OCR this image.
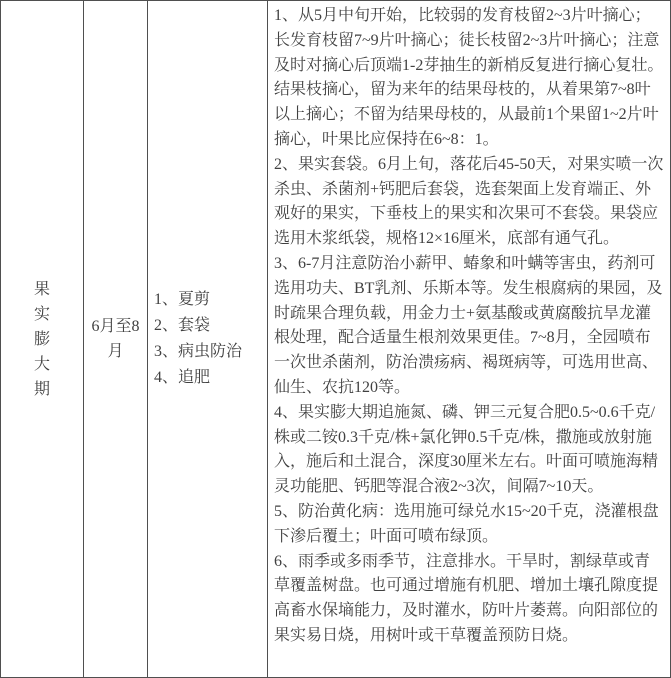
果实膨大期
6月至8月
1、夏剪
2、套袋
3、病虫防治
4、追肥
1、从5月中旬开始，比较弱的发育枝留2~3片叶摘心；长发育枝留7~9片叶摘心；徒长枝留2~3片叶摘心；注意及时对摘心后顶端1-2芽抽生的新梢反复进行摘心复壮。结果枝摘心，留为来年的结果母枝的，从着果第7~8叶以上摘心；不留为结果母枝的，从最前1个果留1~2片叶摘心，叶果比应保持在6~8：1。
2、果实套袋。6月上旬，落花后45-50天，对果实喷一次杀虫、杀菌剂+钙肥后套袋，选套架面上发育端正、外观好的果实，下垂枝上的果实和次果可不套袋。果袋应选用木浆纸袋，规格12×16厘米，底部有通气孔。
3、6-7月注意防治小薪甲、蝽象和叶螨等害虫，药剂可选用功夫、BT乳剂、乐斯本等。发生根腐病的果园，及时疏果合理负载，用金力士+氨基酸或黄腐酸抗旱龙灌根处理，配合适量生根剂效果更佳。7~8月，全园喷布一次世杀菌剂，防治溃疡病、褐斑病等，可选用世高、仙生、农抗120等。
4、果实膨大期追施氮、磷、钾三元复合肥0.5~0.6千克/株或二铵0.3千克/株+氯化钾0.5千克/株，撒施或放射施入，施后和土混合，深度30厘米左右。叶面可喷施海精灵功能肥、钙肥等混合液2~3次，间隔7~10天。
5、防治黄化病：选用施可绿兑水15~20千克，浇灌根盘下渗后覆土；叶面可喷布绿顶。
6、雨季或多雨季节，注意排水。干旱时，割绿草或青草覆盖树盘。也可通过增施有机肥、增加土壤孔隙度提高畜水保墒能力，及时灌水，防叶片萎蔫。向阳部位的果实易日烧，用树叶或干草覆盖预防日烧。
